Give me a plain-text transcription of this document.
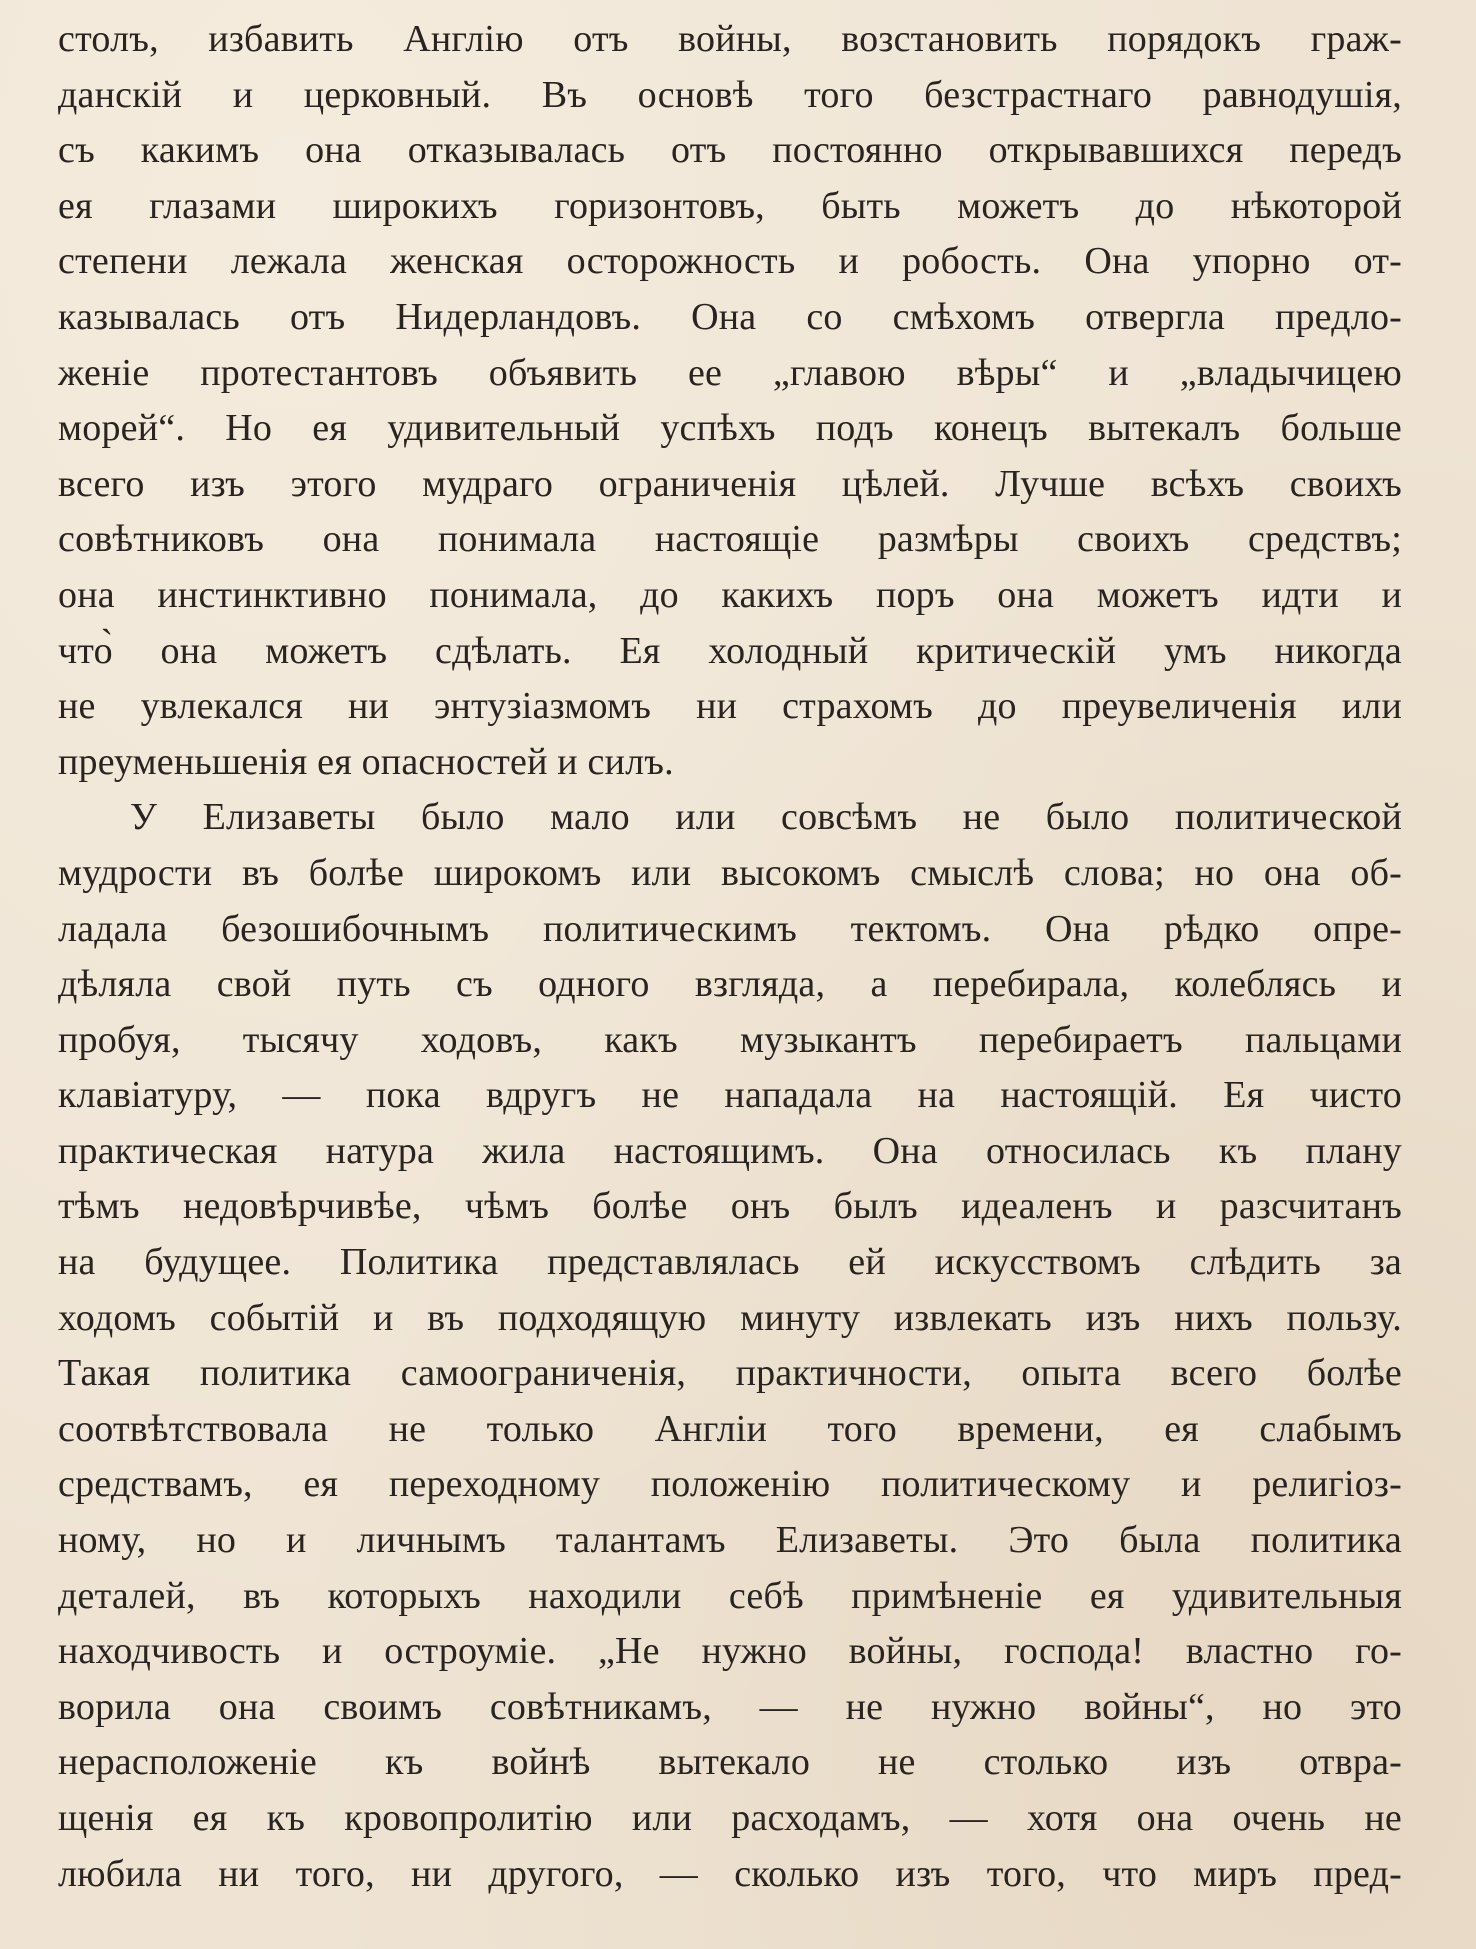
столъ, избавить Англію отъ войны, возстановить порядокъ граж-
данскій и церковный. Въ основѣ того безстрастнаго равнодушія,
съ какимъ она отказывалась отъ постоянно открывавшихся передъ
ея глазами широкихъ горизонтовъ, быть можетъ до нѣкоторой
степени лежала женская осторожность и робость. Она упорно от-
казывалась отъ Нидерландовъ. Она со смѣхомъ отвергла предло-
женіе протестантовъ объявить ее „главою вѣры“ и „владычицею
морей“. Но ея удивительный успѣхъ подъ конецъ вытекалъ больше
всего изъ этого мудраго ограниченія цѣлей. Лучше всѣхъ своихъ
совѣтниковъ она понимала настоящіе размѣры своихъ средствъ;
она инстинктивно понимала, до какихъ поръ она можетъ идти и
что̀ она можетъ сдѣлать. Ея холодный критическій умъ никогда
не увлекался ни энтузіазмомъ ни страхомъ до преувеличенія или
преуменьшенія ея опасностей и силъ.
У Елизаветы было мало или совсѣмъ не было политической
мудрости въ болѣе широкомъ или высокомъ смыслѣ слова; но она об-
ладала безошибочнымъ политическимъ тектомъ. Она рѣдко опре-
дѣляла свой путь съ одного взгляда, а перебирала, колеблясь и
пробуя, тысячу ходовъ, какъ музыкантъ перебираетъ пальцами
клавіатуру, — пока вдругъ не нападала на настоящій. Ея чисто
практическая натура жила настоящимъ. Она относилась къ плану
тѣмъ недовѣрчивѣе, чѣмъ болѣе онъ былъ идеаленъ и разсчитанъ
на будущее. Политика представлялась ей искусствомъ слѣдить за
ходомъ событій и въ подходящую минуту извлекать изъ нихъ пользу.
Такая политика самоограниченія, практичности, опыта всего болѣе
соотвѣтствовала не только Англіи того времени, ея слабымъ
средствамъ, ея переходному положенію политическому и религіоз-
ному, но и личнымъ талантамъ Елизаветы. Это была политика
деталей, въ которыхъ находили себѣ примѣненіе ея удивительныя
находчивость и остроуміе. „Не нужно войны, господа! властно го-
ворила она своимъ совѣтникамъ, — не нужно войны“, но это
нерасположеніе къ войнѣ вытекало не столько изъ отвра-
щенія ея къ кровопролитію или расходамъ, — хотя она очень не
любила ни того, ни другого, — сколько изъ того, что миръ пред-
